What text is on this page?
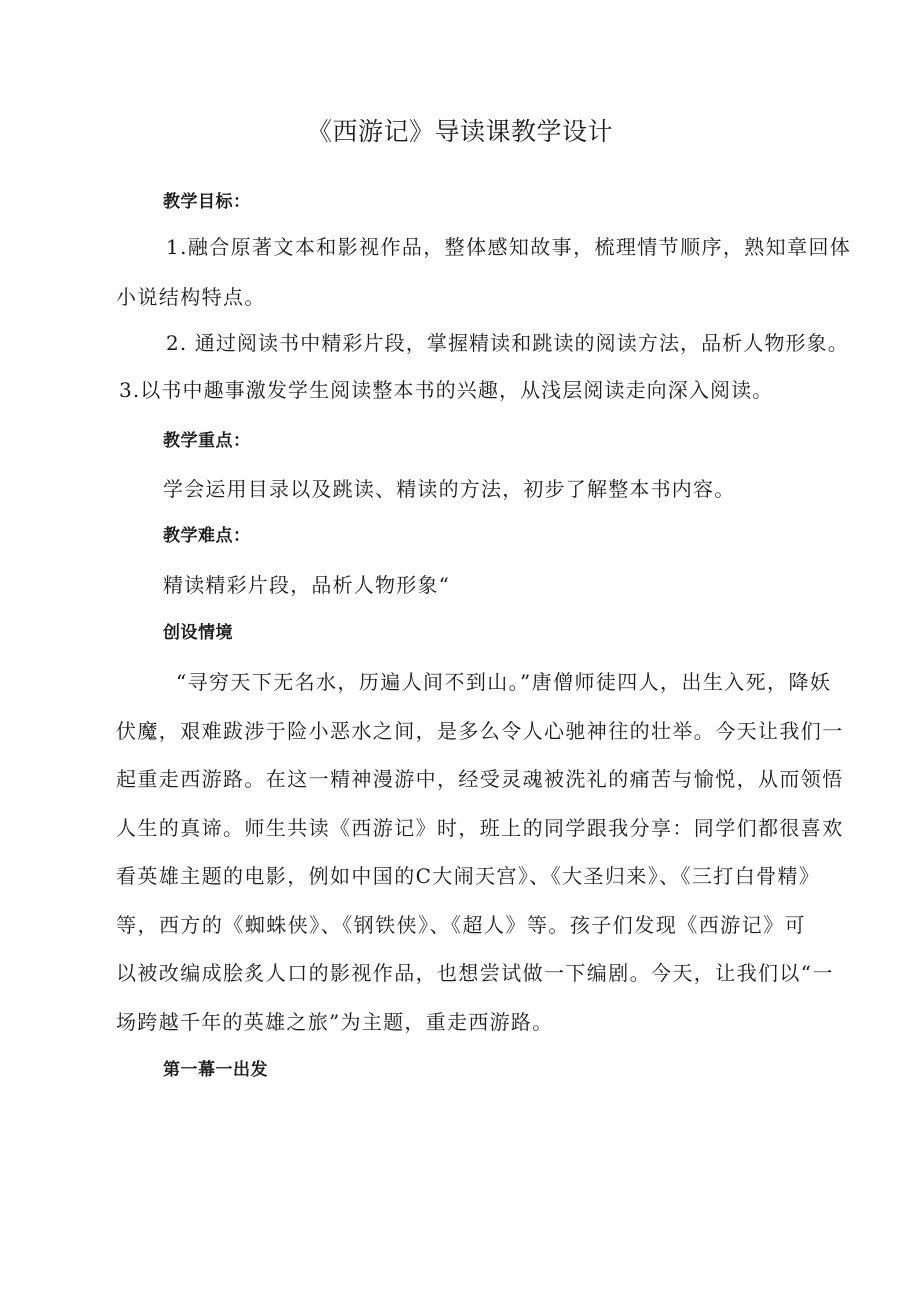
《西游记》导读课教学设计
教学目标：
1.融合原著文本和影视作品，整体感知故事，梳理情节顺序，熟知章回体
小说结构特点。
2. 通过阅读书中精彩片段，掌握精读和跳读的阅读方法，品析人物形象。
3.以书中趣事激发学生阅读整本书的兴趣，从浅层阅读走向深入阅读。
教学重点：
学会运用目录以及跳读、精读的方法，初步了解整本书内容。
教学难点：
精读精彩片段，品析人物形象“
创设情境
“寻穷天下无名水，历遍人间不到山。”唐僧师徒四人，出生入死，降妖
伏魔，艰难跋涉于险小恶水之间，是多么令人心驰神往的壮举。今天让我们一
起重走西游路。在这一精神漫游中，经受灵魂被洗礼的痛苦与愉悦，从而领悟
人生的真谛。师生共读《西游记》时，班上的同学跟我分享：同学们都很喜欢
看英雄主题的电影，例如中国的C大闹天宫》、《大圣归来》、《三打白骨精》
等，西方的《蜘蛛侠》、《钢铁侠》、《超人》等。孩子们发现《西游记》可
以被改编成脍炙人口的影视作品，也想尝试做一下编剧。今天，让我们以“一
场跨越千年的英雄之旅”为主题，重走西游路。
第一幕一出发
